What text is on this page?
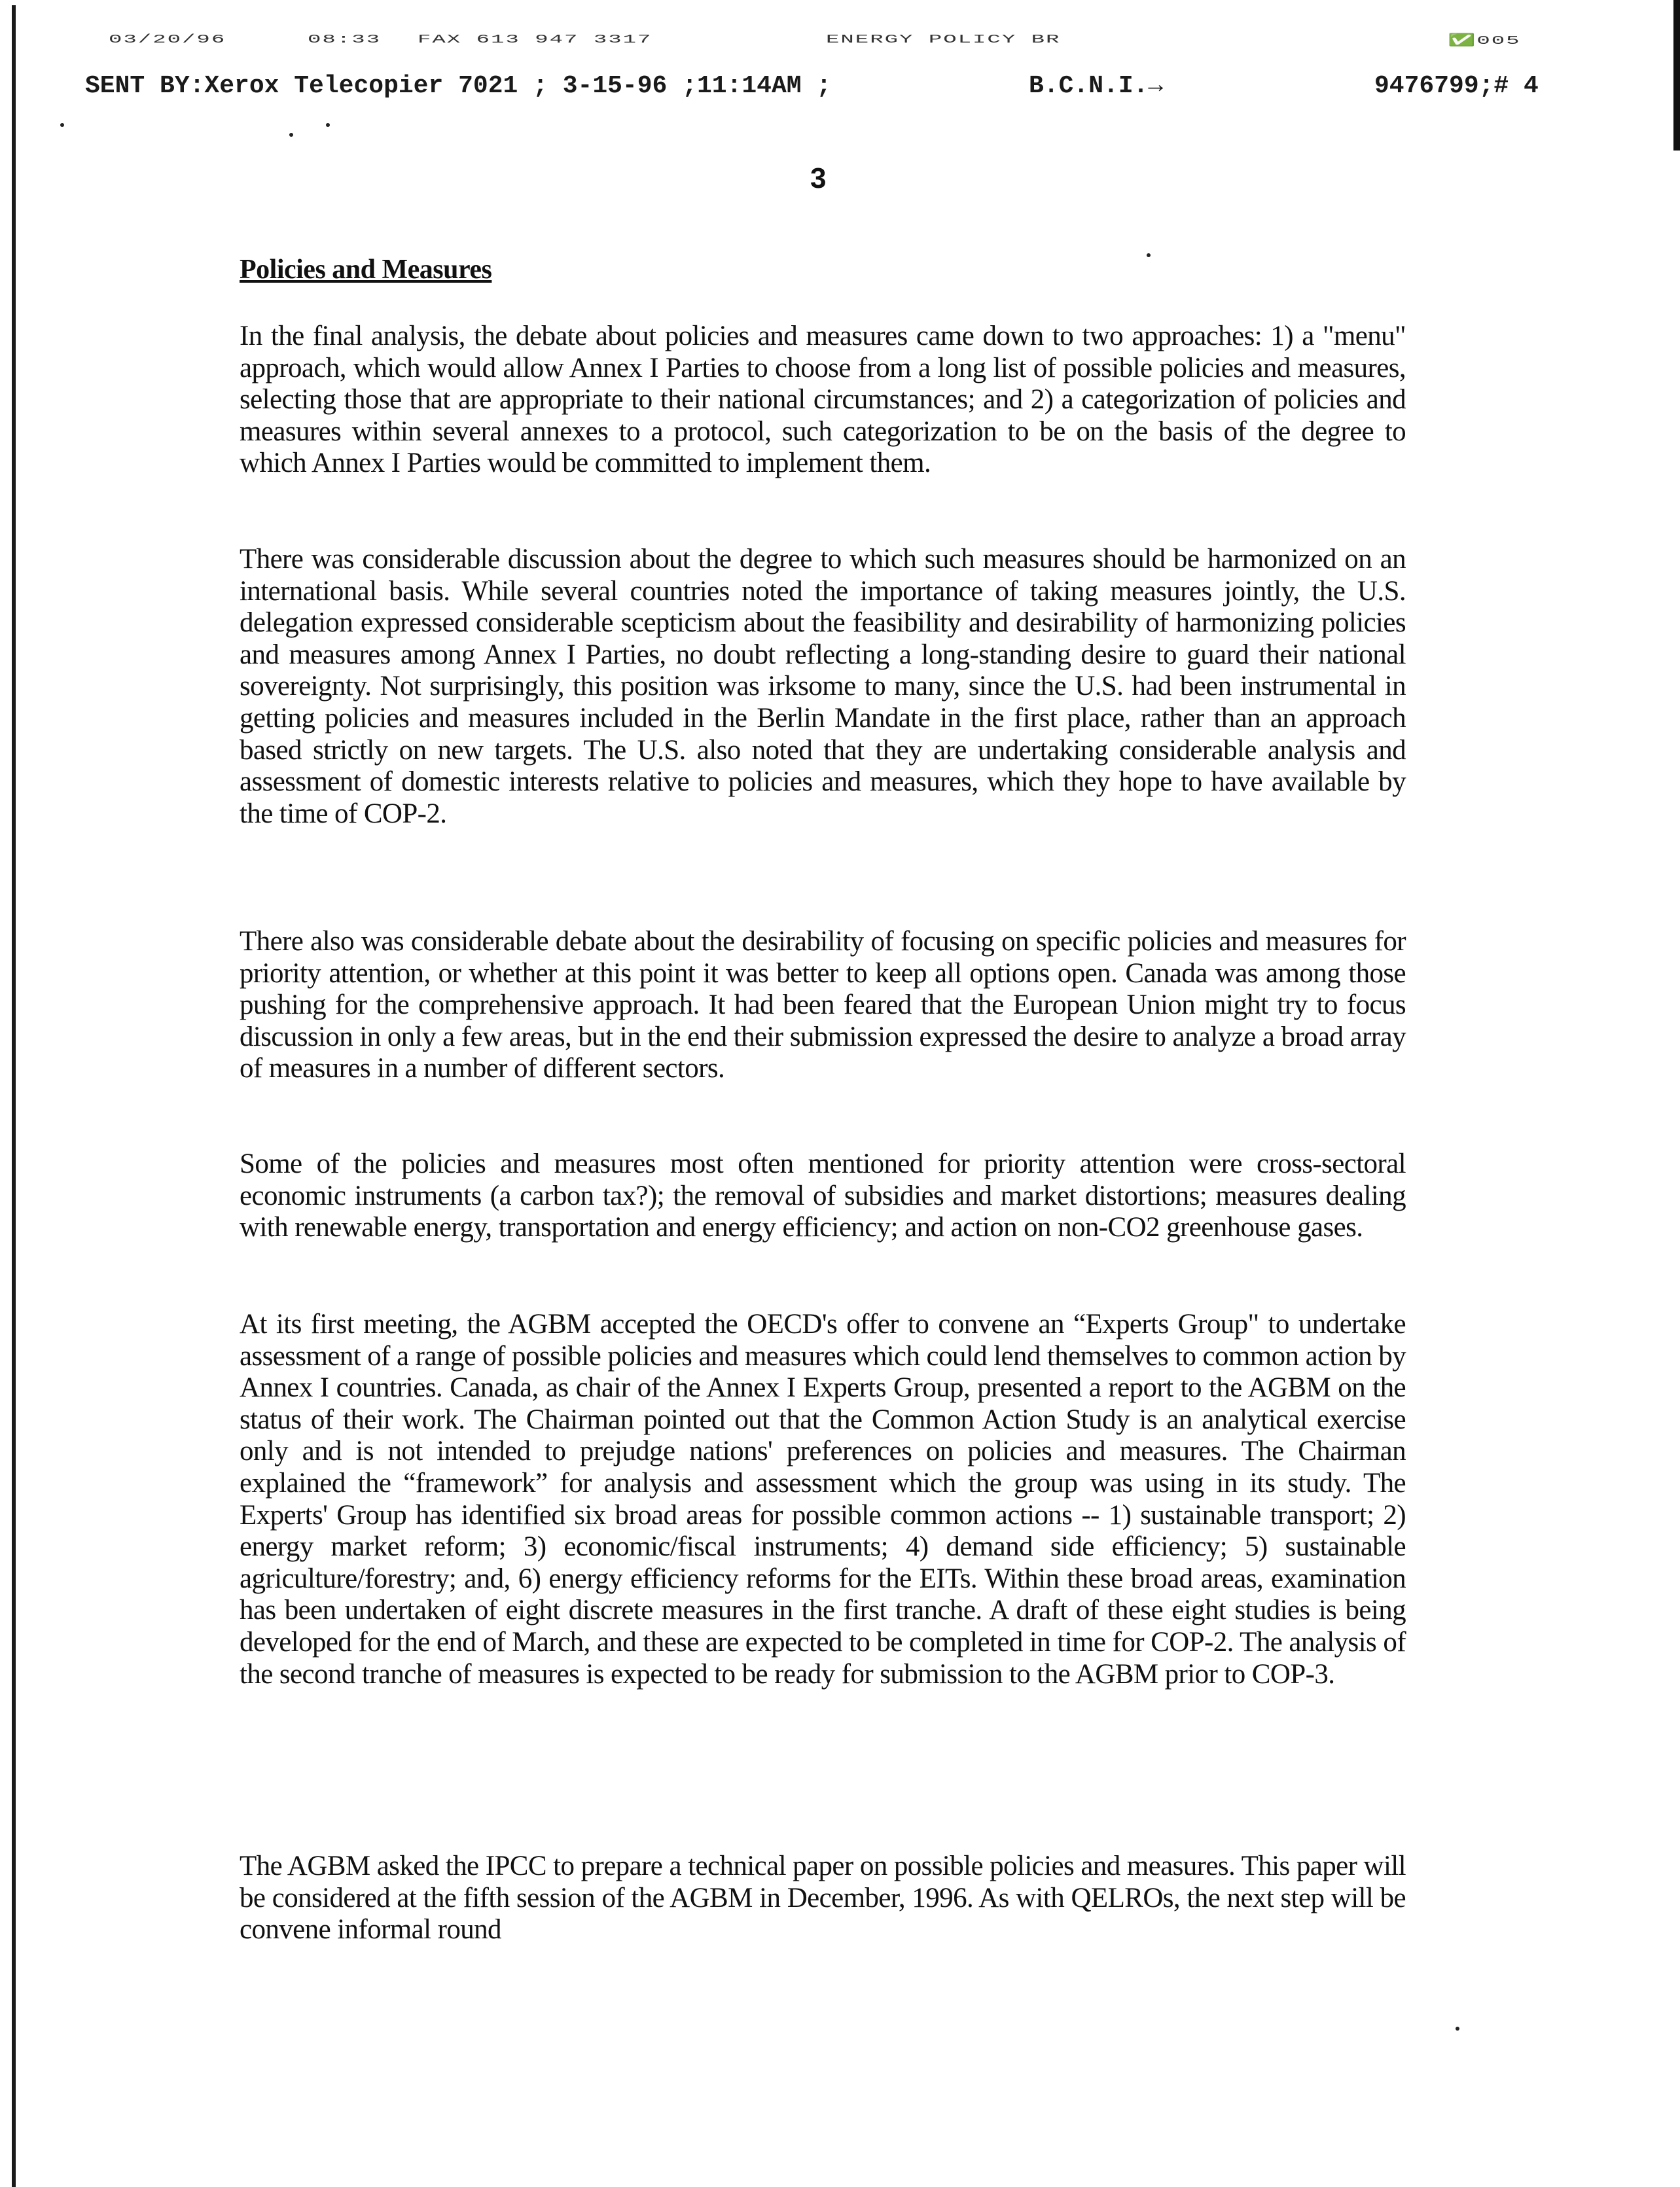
03/20/96	08:33 FAX 613 947 3317	ENERGY POLICY BR	✅005
SENT BY:Xerox Telecopier 7021 ; 3-15-96 ;11:14AM ;	B.C.N.I.→	9476799;# 4
3
Policies and Measures

In the final analysis, the debate about policies and measures came down to two approaches: 1) a "menu" approach, which would allow Annex I Parties to choose from a long list of possible policies and measures, selecting those that are appropriate to their national circumstances; and 2) a categorization of policies and measures within several annexes to a protocol, such categorization to be on the basis of the degree to which Annex I Parties would be committed to implement them.

There was considerable discussion about the degree to which such measures should be harmonized on an international basis. While several countries noted the importance of taking measures jointly, the U.S. delegation expressed considerable scepticism about the feasibility and desirability of harmonizing policies and measures among Annex I Parties, no doubt reflecting a long-standing desire to guard their national sovereignty. Not surprisingly, this position was irksome to many, since the U.S. had been instrumental in getting policies and measures included in the Berlin Mandate in the first place, rather than an approach based strictly on new targets. The U.S. also noted that they are undertaking considerable analysis and assessment of domestic interests relative to policies and measures, which they hope to have available by the time of COP-2.

There also was considerable debate about the desirability of focusing on specific policies and measures for priority attention, or whether at this point it was better to keep all options open. Canada was among those pushing for the comprehensive approach. It had been feared that the European Union might try to focus discussion in only a few areas, but in the end their submission expressed the desire to analyze a broad array of measures in a number of different sectors.

Some of the policies and measures most often mentioned for priority attention were cross-sectoral economic instruments (a carbon tax?); the removal of subsidies and market distortions; measures dealing with renewable energy, transportation and energy efficiency; and action on non-CO2 greenhouse gases.

At its first meeting, the AGBM accepted the OECD's offer to convene an “Experts Group" to undertake assessment of a range of possible policies and measures which could lend themselves to common action by Annex I countries. Canada, as chair of the Annex I Experts Group, presented a report to the AGBM on the status of their work. The Chairman pointed out that the Common Action Study is an analytical exercise only and is not intended to prejudge nations' preferences on policies and measures. The Chairman explained the “framework” for analysis and assessment which the group was using in its study. The Experts' Group has identified six broad areas for possible common actions -- 1) sustainable transport; 2) energy market reform; 3) economic/fiscal instruments; 4) demand side efficiency; 5) sustainable agriculture/forestry; and, 6) energy efficiency reforms for the EITs. Within these broad areas, examination has been undertaken of eight discrete measures in the first tranche. A draft of these eight studies is being developed for the end of March, and these are expected to be completed in time for COP-2. The analysis of the second tranche of measures is expected to be ready for submission to the AGBM prior to COP-3.

The AGBM asked the IPCC to prepare a technical paper on possible policies and measures. This paper will be considered at the fifth session of the AGBM in December, 1996. As with QELROs, the next step will be convene informal round
